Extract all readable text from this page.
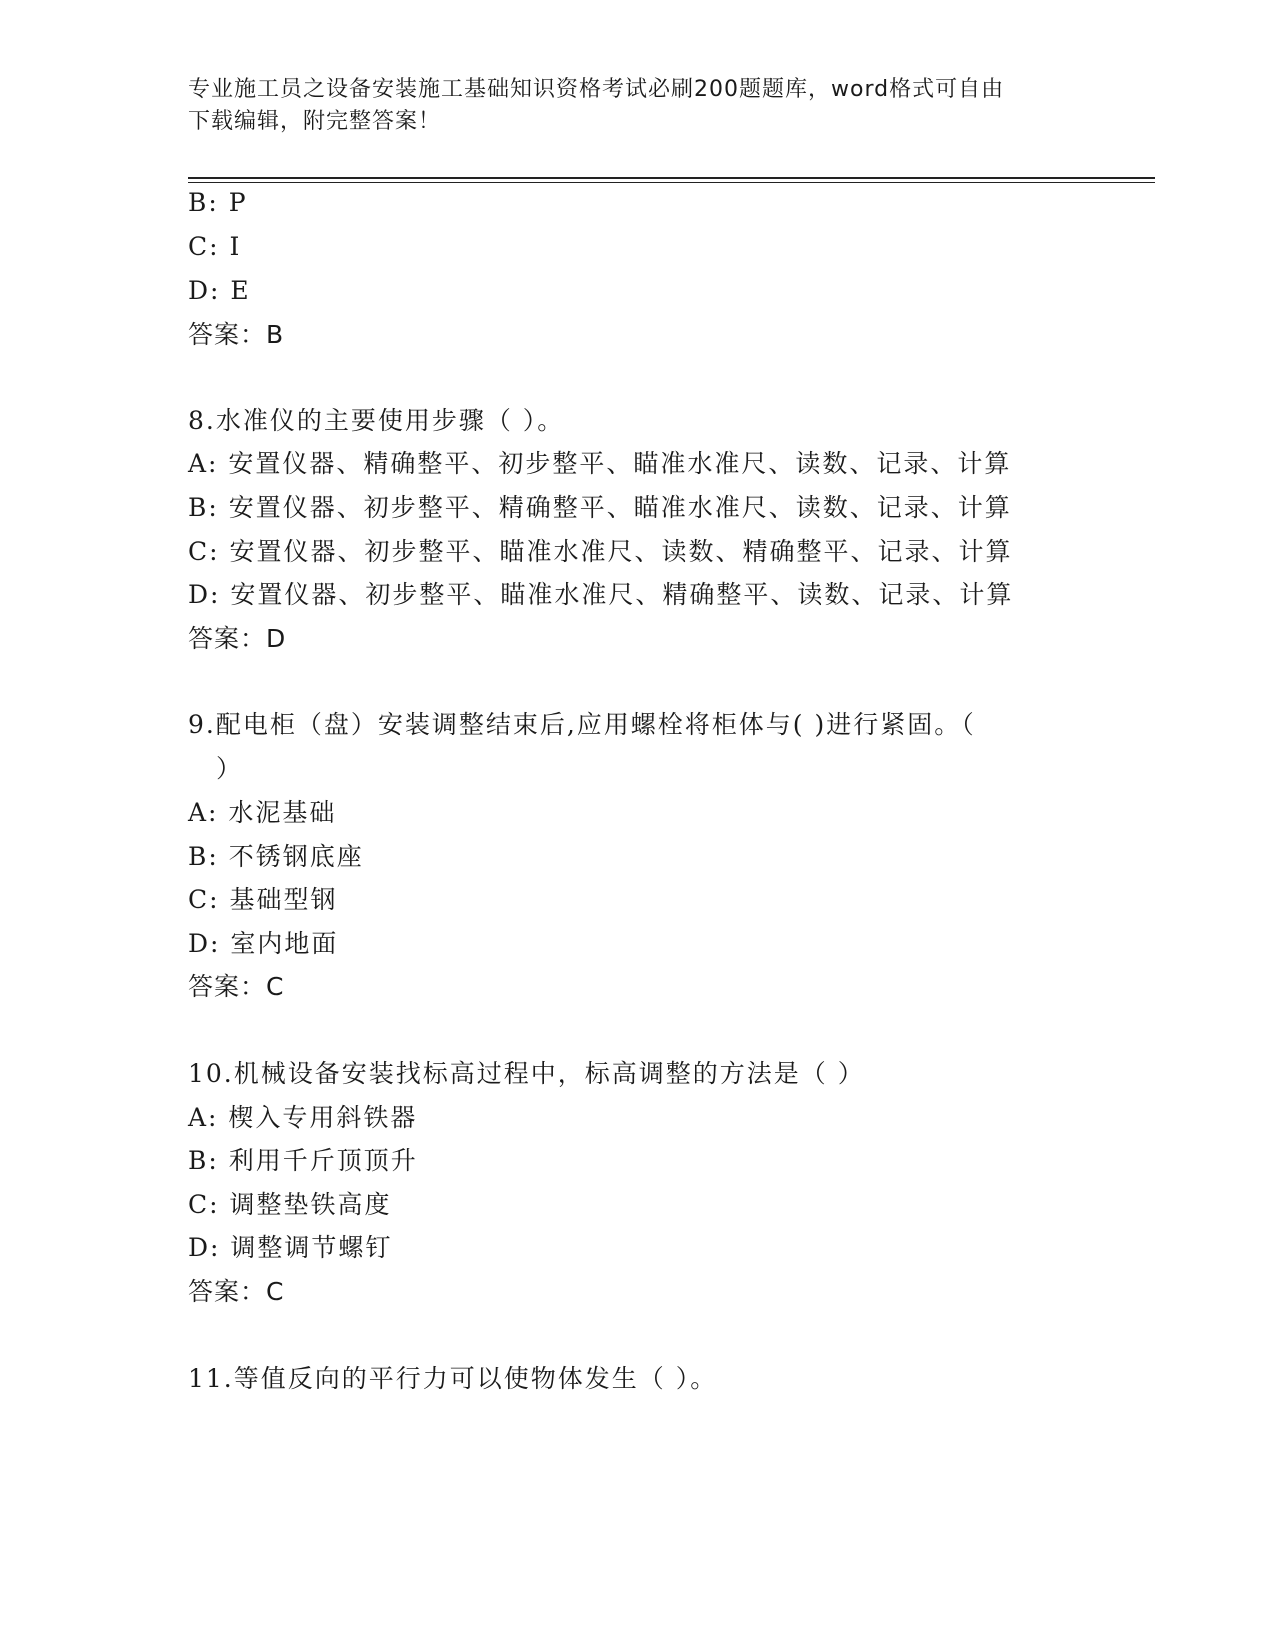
专业施工员之设备安装施工基础知识资格考试必刷200题题库，word格式可自由
下载编辑，附完整答案！
B: P
C: I
D: E
答案：B
8.水准仪的主要使用步骤（ ）。
A: 安置仪器、精确整平、初步整平、瞄准水准尺、读数、记录、计算
B: 安置仪器、初步整平、精确整平、瞄准水准尺、读数、记录、计算
C: 安置仪器、初步整平、瞄准水准尺、读数、精确整平、记录、计算
D: 安置仪器、初步整平、瞄准水准尺、精确整平、读数、记录、计算
答案：D
9.配电柜（盘）安装调整结束后,应用螺栓将柜体与( )进行紧固。（
）
A: 水泥基础
B: 不锈钢底座
C: 基础型钢
D: 室内地面
答案：C
10.机械设备安装找标高过程中，标高调整的方法是（ ）
A: 楔入专用斜铁器
B: 利用千斤顶顶升
C: 调整垫铁高度
D: 调整调节螺钉
答案：C
11.等值反向的平行力可以使物体发生（ ）。
